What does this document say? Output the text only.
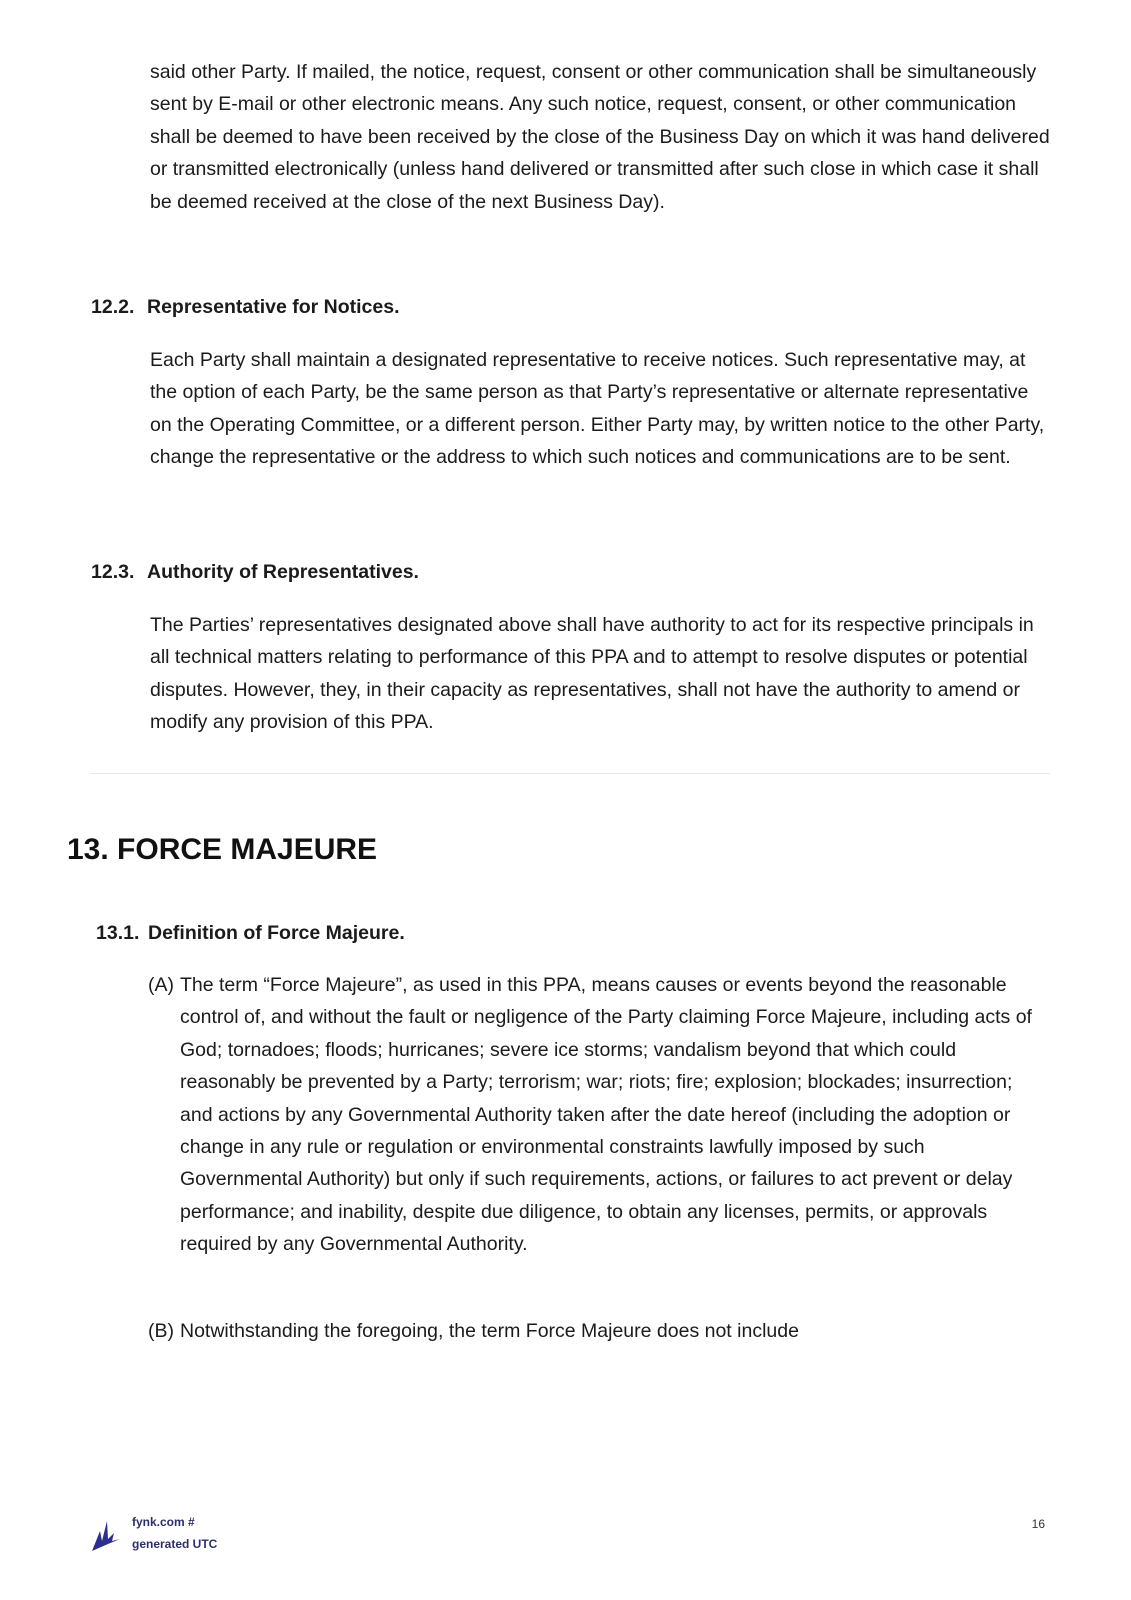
said other Party. If mailed, the notice, request, consent or other communication shall be simultaneously sent by E-mail or other electronic means. Any such notice, request, consent, or other communication shall be deemed to have been received by the close of the Business Day on which it was hand delivered or transmitted electronically (unless hand delivered or transmitted after such close in which case it shall be deemed received at the close of the next Business Day).

12.2. Representative for Notices.

Each Party shall maintain a designated representative to receive notices. Such representative may, at the option of each Party, be the same person as that Party’s representative or alternate representative on the Operating Committee, or a different person. Either Party may, by written notice to the other Party, change the representative or the address to which such notices and communications are to be sent.

12.3. Authority of Representatives.

The Parties’ representatives designated above shall have authority to act for its respective principals in all technical matters relating to performance of this PPA and to attempt to resolve disputes or potential disputes. However, they, in their capacity as representatives, shall not have the authority to amend or modify any provision of this PPA.

13. FORCE MAJEURE
13.1. Definition of Force Majeure.
(A) The term “Force Majeure”, as used in this PPA, means causes or events beyond the reasonable control of, and without the fault or negligence of the Party claiming Force Majeure, including acts of God; tornadoes; floods; hurricanes; severe ice storms; vandalism beyond that which could reasonably be prevented by a Party; terrorism; war; riots; fire; explosion; blockades; insurrection; and actions by any Governmental Authority taken after the date hereof (including the adoption or change in any rule or regulation or environmental constraints lawfully imposed by such Governmental Authority) but only if such requirements, actions, or failures to act prevent or delay performance; and inability, despite due diligence, to obtain any licenses, permits, or approvals required by any Governmental Authority.

(B) Notwithstanding the foregoing, the term Force Majeure does not include

fynk.com #
generated UTC
16
